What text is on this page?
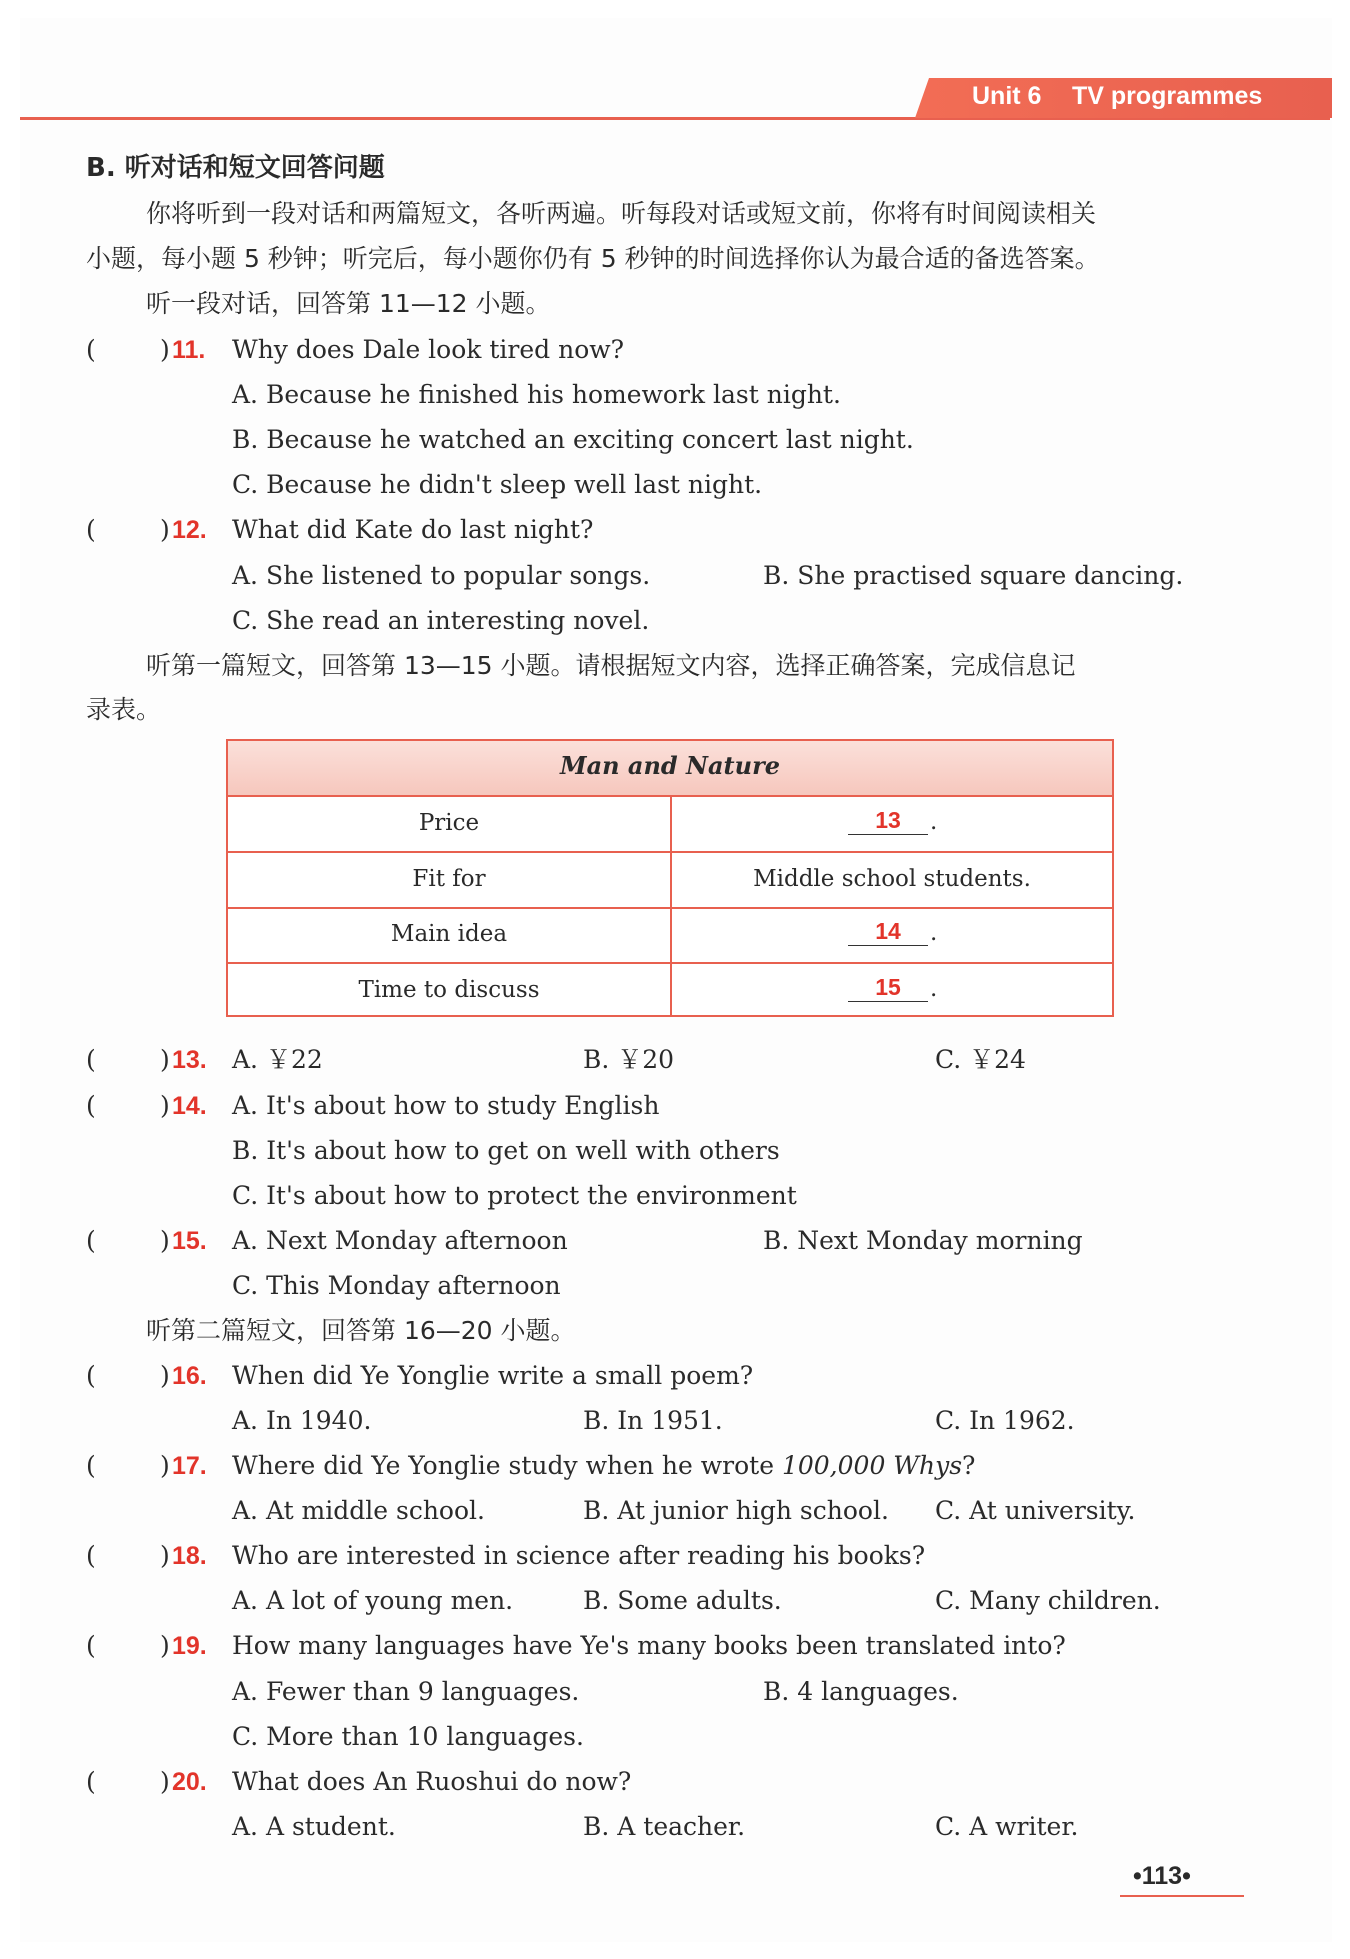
Unit 6 TV programmes
B. 听对话和短文回答问题
你将听到一段对话和两篇短文，各听两遍。听每段对话或短文前，你将有时间阅读相关
小题，每小题 5 秒钟；听完后，每小题你仍有 5 秒钟的时间选择你认为最合适的备选答案。
听一段对话，回答第 11—12 小题。
(	) 11. Why does Dale look tired now?
A. Because he finished his homework last night.
B. Because he watched an exciting concert last night.
C. Because he didn't sleep well last night.
(	) 12. What did Kate do last night?
A. She listened to popular songs.	B. She practised square dancing.
C. She read an interesting novel.
听第一篇短文，回答第 13—15 小题。请根据短文内容，选择正确答案，完成信息记
录表。
Man and Nature
Price	13	.
Fit for	Middle school students.
Main idea	14	.
Time to discuss	15	.
(	) 13. A. ￥22	B. ￥20	C. ￥24
(	) 14. A. It's about how to study English
B. It's about how to get on well with others
C. It's about how to protect the environment
(	) 15. A. Next Monday afternoon	B. Next Monday morning
C. This Monday afternoon
听第二篇短文，回答第 16—20 小题。
(	) 16. When did Ye Yonglie write a small poem?
A. In 1940.	B. In 1951.	C. In 1962.
(	) 17. Where did Ye Yonglie study when he wrote 100,000 Whys?
A. At middle school.	B. At junior high school. C. At university.
(	) 18. Who are interested in science after reading his books?
A. A lot of young men.	B. Some adults.	C. Many children.
(	) 19. How many languages have Ye's many books been translated into?
A. Fewer than 9 languages.	B. 4 languages.
C. More than 10 languages.
(	) 20. What does An Ruoshui do now?
A. A student.	B. A teacher.	C. A writer.
•113•
